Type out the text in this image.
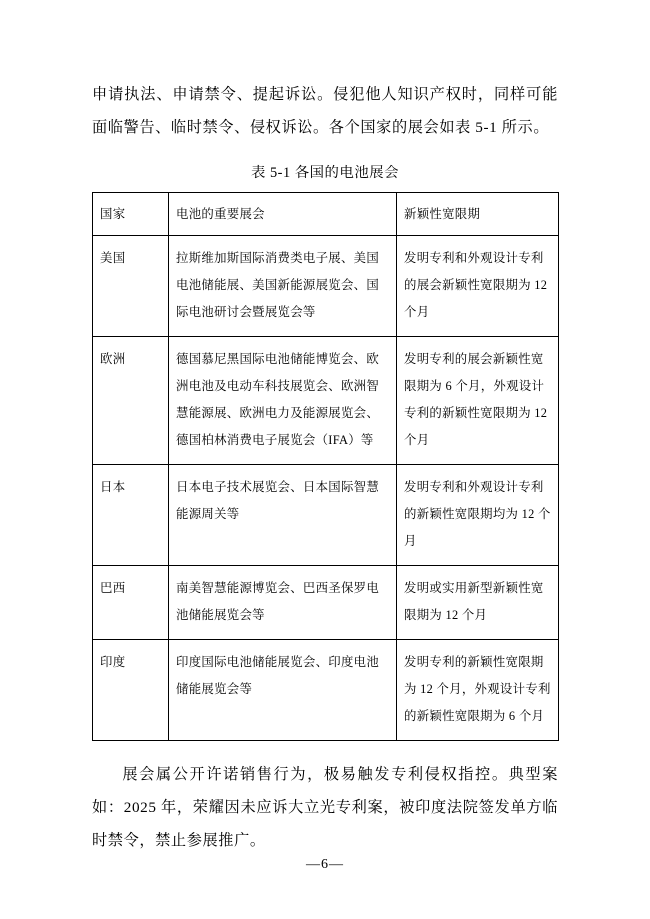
申请执法、申请禁令、提起诉讼。侵犯他人知识产权时，同样可能面临警告、临时禁令、侵权诉讼。各个国家的展会如表 5-1 所示。

表 5-1 各国的电池展会
国家	电池的重要展会	新颖性宽限期
美国	拉斯维加斯国际消费类电子展、美国电池储能展、美国新能源展览会、国际电池研讨会暨展览会等	发明专利和外观设计专利的展会新颖性宽限期为 12 个月
欧洲	德国慕尼黑国际电池储能博览会、欧洲电池及电动车科技展览会、欧洲智慧能源展、欧洲电力及能源展览会、德国柏林消费电子展览会（IFA）等	发明专利的展会新颖性宽限期为 6 个月，外观设计专利的新颖性宽限期为 12 个月
日本	日本电子技术展览会、日本国际智慧能源周关等	发明专利和外观设计专利的新颖性宽限期均为 12 个月
巴西	南美智慧能源博览会、巴西圣保罗电池储能展览会等	发明或实用新型新颖性宽限期为 12 个月
印度	印度国际电池储能展览会、印度电池储能展览会等	发明专利的新颖性宽限期为 12 个月，外观设计专利的新颖性宽限期为 6 个月

展会属公开许诺销售行为，极易触发专利侵权指控。典型案如：2025 年，荣耀因未应诉大立光专利案，被印度法院签发单方临时禁令，禁止参展推广。

—6—
